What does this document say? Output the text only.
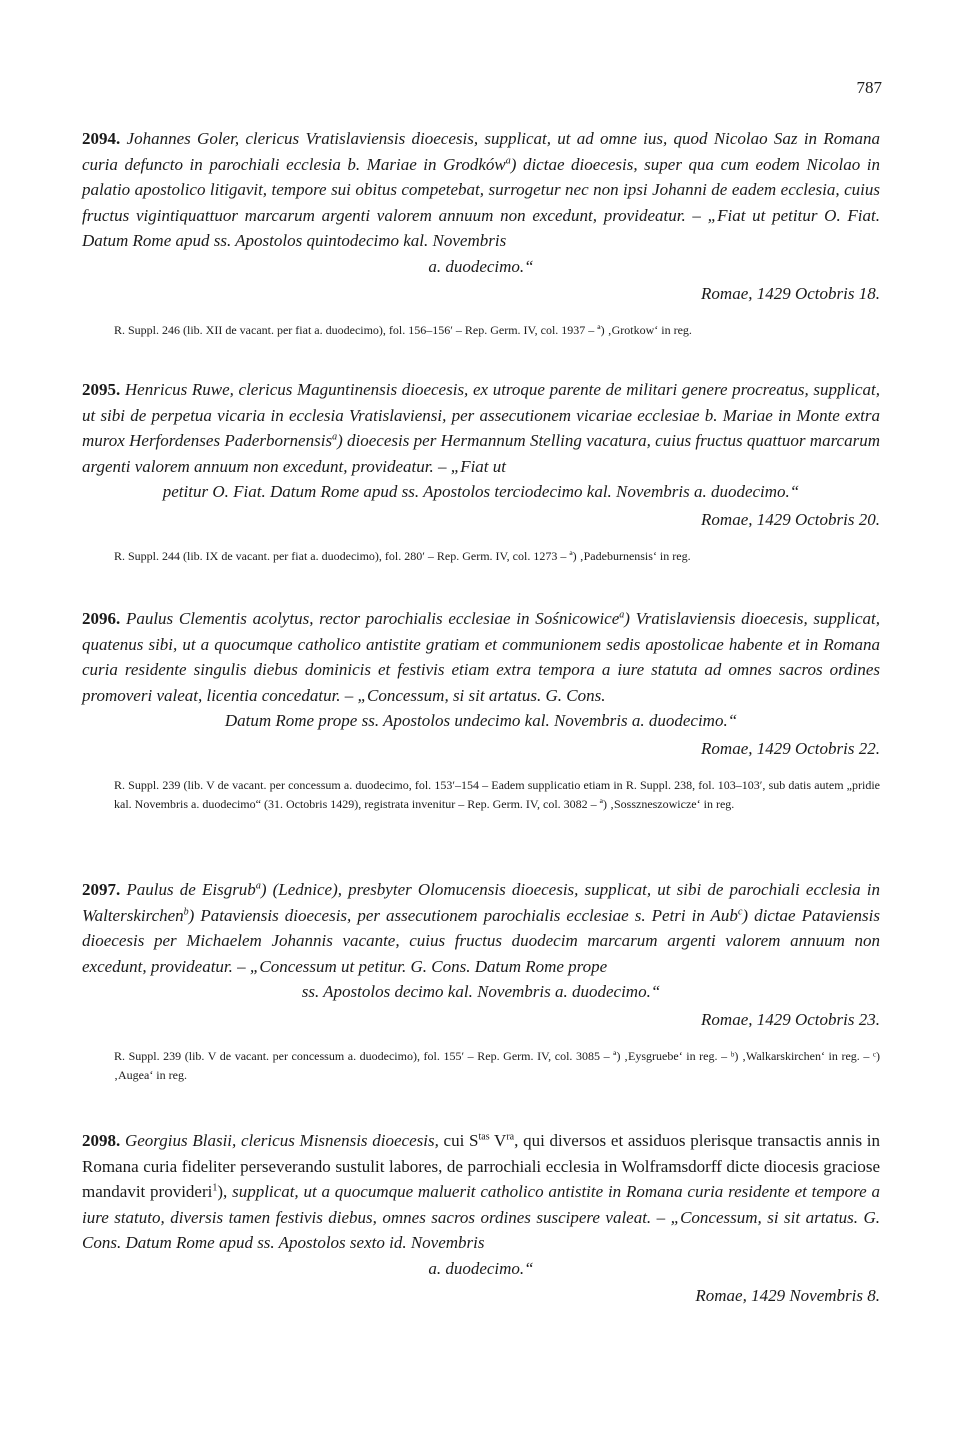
787

2094. Johannes Goler, clericus Vratislaviensis dioecesis, supplicat, ut ad omne ius, quod Nicolao Saz in Romana curia defuncto in parochiali ecclesia b. Mariae in Grodków$^a$) dictae dioecesis, super qua cum eodem Nicolao in palatio apostolico litigavit, tempore sui obitus competebat, surrogetur nec non ipsi Johanni de eadem ecclesia, cuius fructus vigintiquattuor marcarum argenti valorem annuum non excedunt, provideatur. – „Fiat ut petitur O. Fiat. Datum Rome apud ss. Apostolos quintodecimo kal. Novembris
a. duodecimo.“

Romae, 1429 Octobris 18.

R. Suppl. 246 (lib. XII de vacant. per fiat a. duodecimo), fol. 156–156′ – Rep. Germ. IV, col. 1937 – ª) ‚Grotkow‘ in reg.

2095. Henricus Ruwe, clericus Maguntinensis dioecesis, ex utroque parente de militari genere procreatus, supplicat, ut sibi de perpetua vicaria in ecclesia Vratislaviensi, per assecutionem vicariae ecclesiae b. Mariae in Monte extra murox Herfordenses Paderbornensis$^a$) dioecesis per Hermannum Stelling vacatura, cuius fructus quattuor marcarum argenti valorem annuum non excedunt, provideatur. – „Fiat ut
petitur O. Fiat. Datum Rome apud ss. Apostolos terciodecimo kal. Novembris a. duodecimo.“

Romae, 1429 Octobris 20.

R. Suppl. 244 (lib. IX de vacant. per fiat a. duodecimo), fol. 280′ – Rep. Germ. IV, col. 1273 – ª) ‚Padeburnensis‘ in reg.

2096. Paulus Clementis acolytus, rector parochialis ecclesiae in Sośnicowice$^a$) Vratislaviensis dioecesis, supplicat, quatenus sibi, ut a quocumque catholico antistite gratiam et communionem sedis apostolicae habente et in Romana curia residente singulis diebus dominicis et festivis etiam extra tempora a iure statuta ad omnes sacros ordines promoveri valeat, licentia concedatur. – „Concessum, si sit artatus. G. Cons.
Datum Rome prope ss. Apostolos undecimo kal. Novembris a. duodecimo.“

Romae, 1429 Octobris 22.

R. Suppl. 239 (lib. V de vacant. per concessum a. duodecimo, fol. 153′–154 – Eadem supplicatio etiam in R. Suppl. 238, fol. 103–103′, sub datis autem „pridie kal. Novembris a. duodecimo“ (31. Octobris 1429), registrata invenitur – Rep. Germ. IV, col. 3082 – ª) ‚Sossznеszowicze‘ in reg.

2097. Paulus de Eisgrub$^a$) (Lednice), presbyter Olomucensis dioecesis, supplicat, ut sibi de parochiali ecclesia in Walterskirchen$^b$) Pataviensis dioecesis, per assecutionem parochialis ecclesiae s. Petri in Aub$^c$) dictae Pataviensis dioecesis per Michaelem Johannis vacante, cuius fructus duodecim marcarum argenti valorem annuum non excedunt, provideatur. – „Concessum ut petitur. G. Cons. Datum Rome prope
ss. Apostolos decimo kal. Novembris a. duodecimo.“

Romae, 1429 Octobris 23.

R. Suppl. 239 (lib. V de vacant. per concessum a. duodecimo), fol. 155′ – Rep. Germ. IV, col. 3085 – ª) ‚Eysgruebe‘ in reg. – ᵇ) ‚Walkarskirchen‘ in reg. – ᶜ) ‚Augea‘ in reg.

2098. Georgius Blasii, clericus Misnensis dioecesis, cui $S^{tas}$ $V^{ra}$, qui diversos et assiduos plerisque transactis annis in Romana curia fideliter perseverando sustulit labores, de parrochiali ecclesia in Wolframsdorff dicte diocesis graciose mandavit provideri$^1$), supplicat, ut a quocumque maluerit catholico antistite in Romana curia residente et tempore a iure statuto, diversis tamen festivis diebus, omnes sacros ordines suscipere valeat. – „Concessum, si sit artatus. G. Cons. Datum Rome apud ss. Apostolos sexto id. Novembris
a. duodecimo.“

Romae, 1429 Novembris 8.
